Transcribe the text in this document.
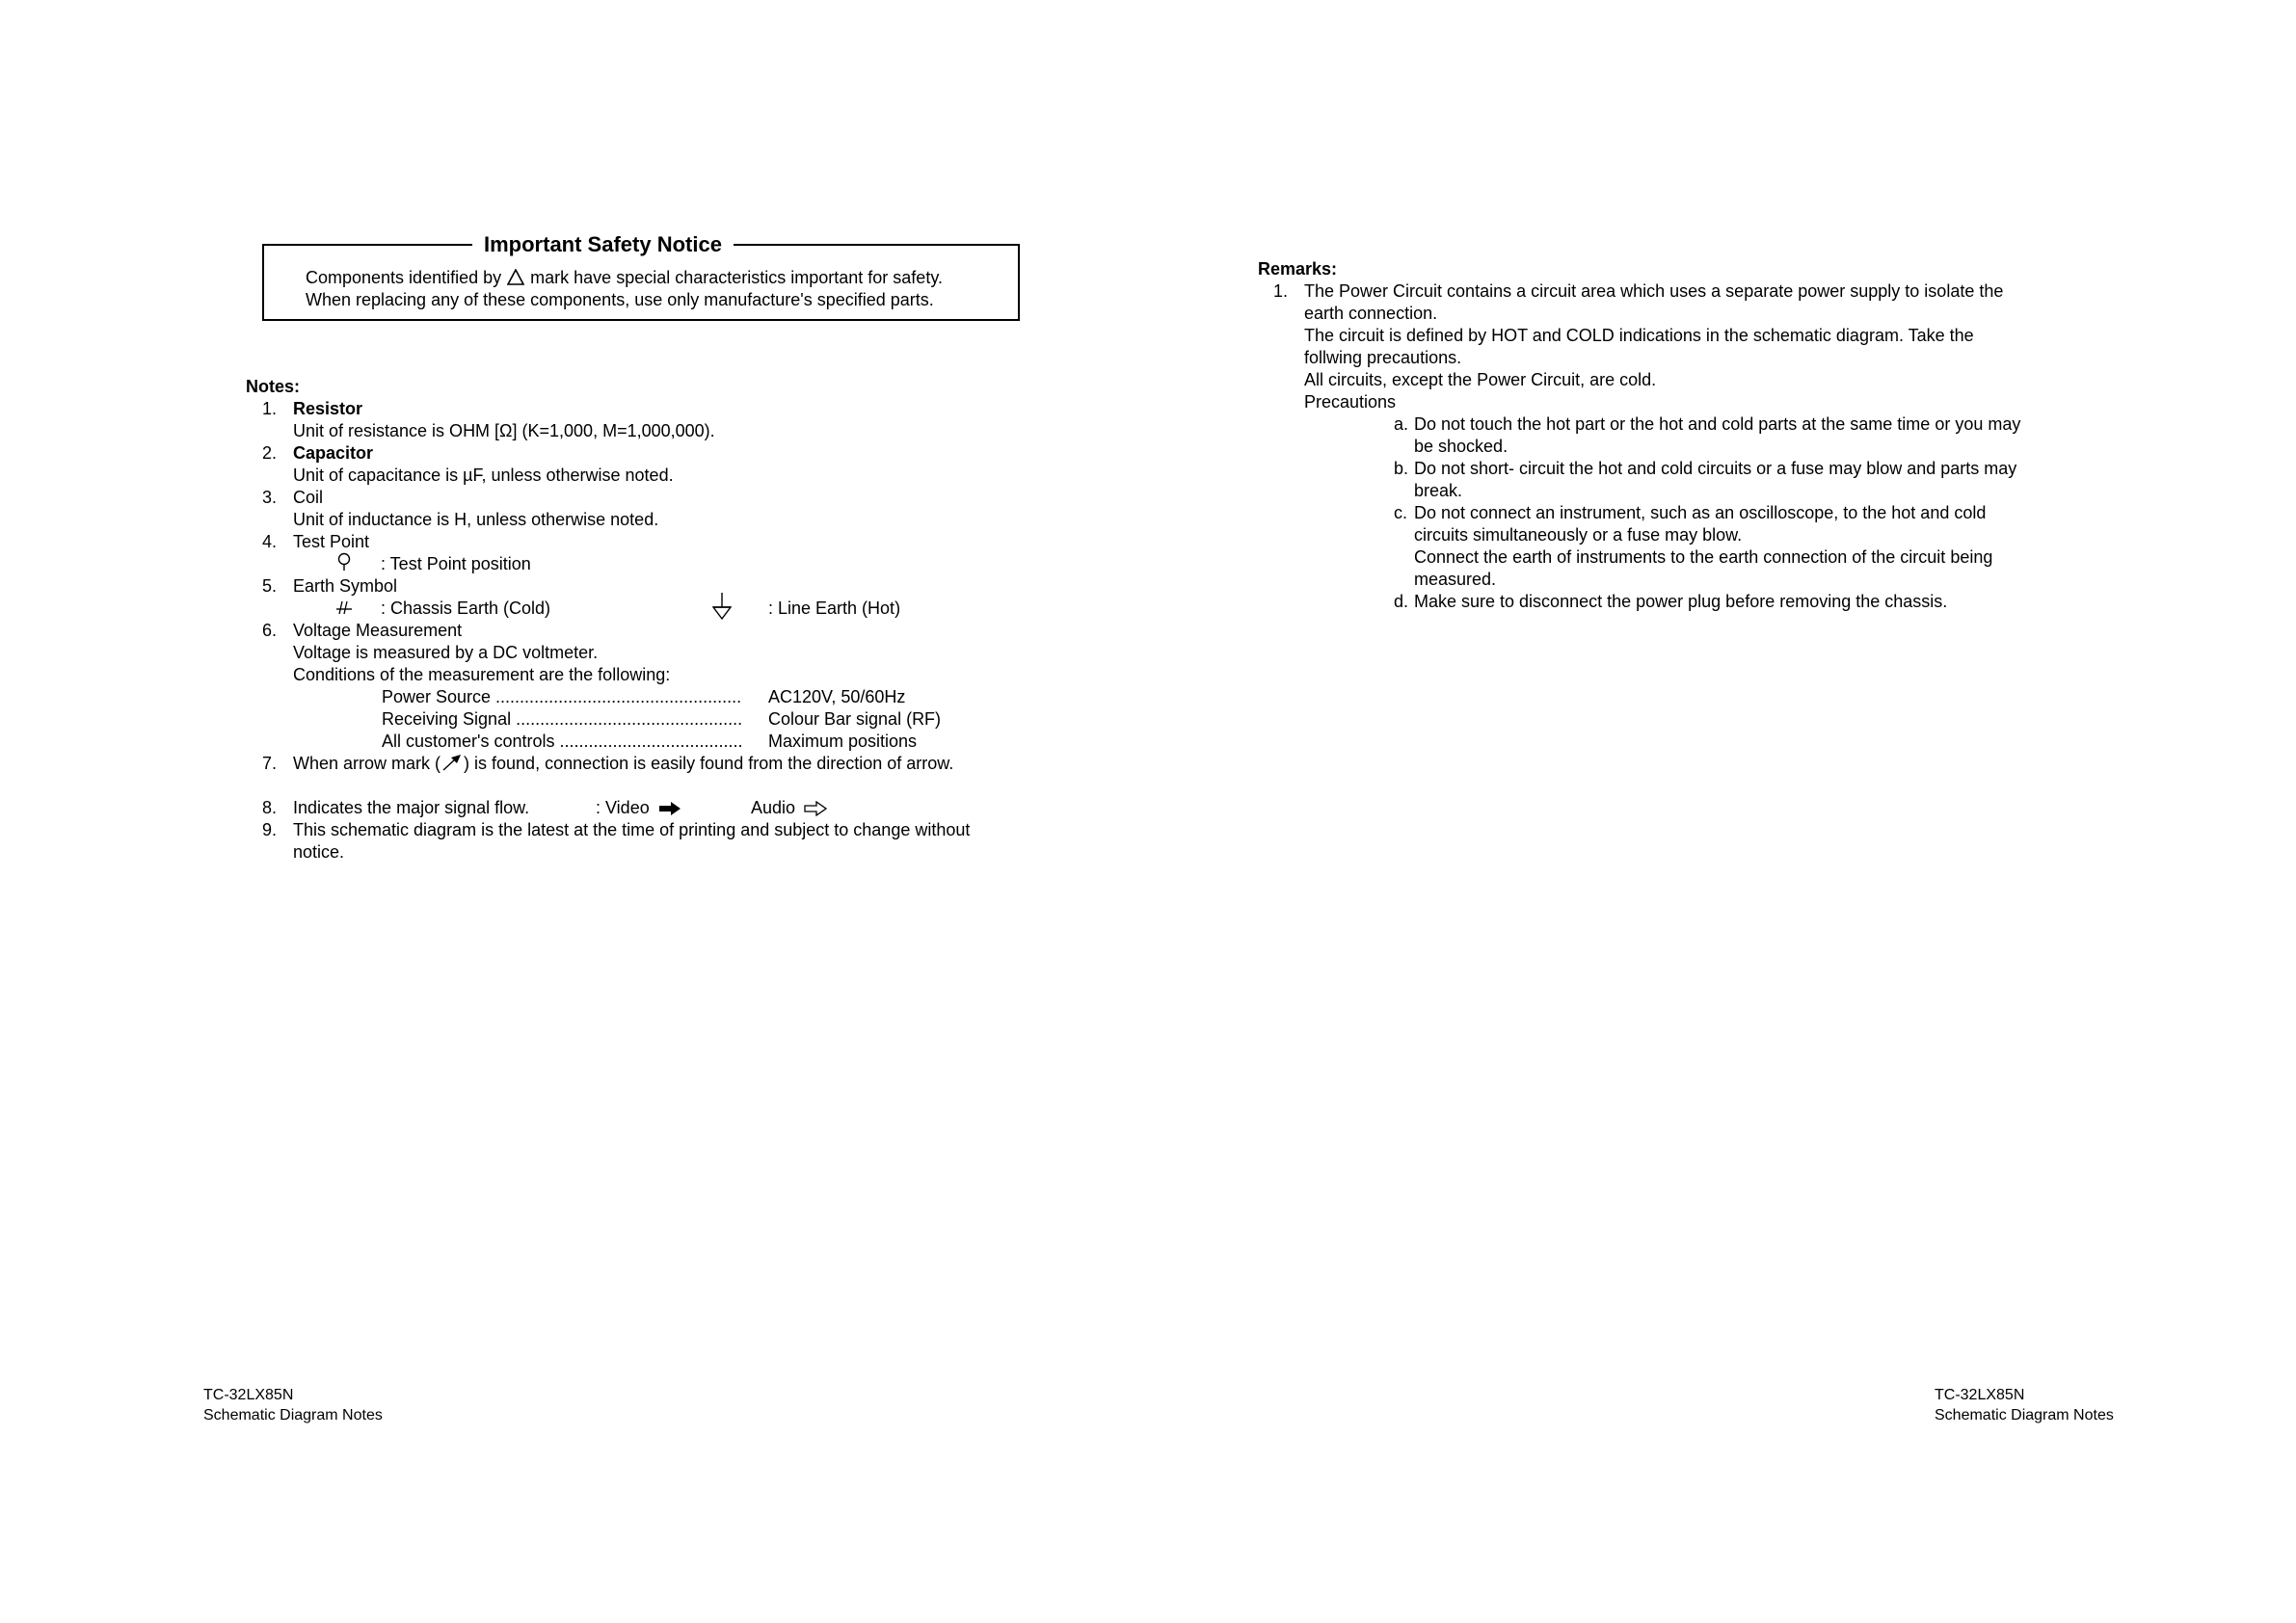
Important Safety Notice
Components identified by mark have special characteristics important for safety.
When replacing any of these components, use only manufacture's specified parts.
Notes:
1. Resistor
Unit of resistance is OHM [Ω] (K=1,000, M=1,000,000).
2. Capacitor
Unit of capacitance is µF, unless otherwise noted.
3. Coil
Unit of inductance is H, unless otherwise noted.
4. Test Point
: Test Point position
5. Earth Symbol
: Chassis Earth (Cold)	: Line Earth (Hot)
6. Voltage Measurement
Voltage is measured by a DC voltmeter.
Conditions of the measurement are the following:
Power Source ................................................... AC120V, 50/60Hz
Receiving Signal ............................................... Colour Bar signal (RF)
All customer's controls ...................................... Maximum positions
7. When arrow mark ( ) is found, connection is easily found from the direction of arrow.
8. Indicates the major signal flow.	: Video	Audio
9. This schematic diagram is the latest at the time of printing and subject to change without
notice.
Remarks:
1. The Power Circuit contains a circuit area which uses a separate power supply to isolate the
earth connection.
The circuit is defined by HOT and COLD indications in the schematic diagram. Take the
follwing precautions.
All circuits, except the Power Circuit, are cold.
Precautions
a. Do not touch the hot part or the hot and cold parts at the same time or you may
be shocked.
b. Do not short- circuit the hot and cold circuits or a fuse may blow and parts may
break.
c. Do not connect an instrument, such as an oscilloscope, to the hot and cold
circuits simultaneously or a fuse may blow.
Connect the earth of instruments to the earth connection of the circuit being
measured.
d. Make sure to disconnect the power plug before removing the chassis.
TC-32LX85N
Schematic Diagram Notes
TC-32LX85N
Schematic Diagram Notes
